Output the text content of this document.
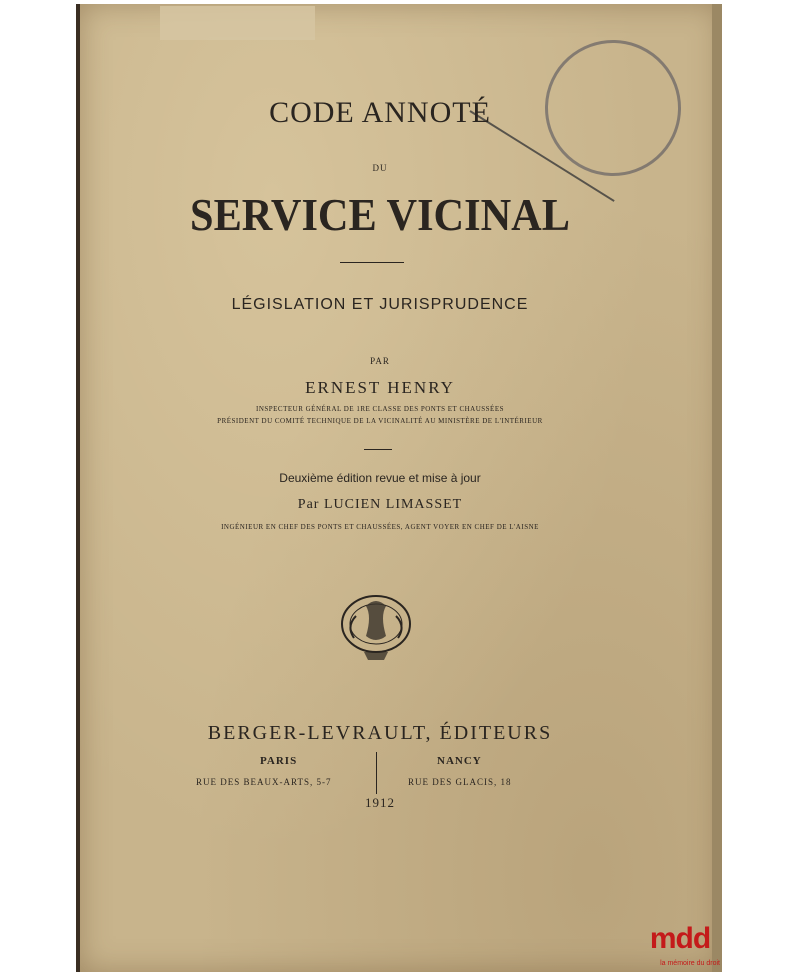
CODE ANNOTÉ
DU
SERVICE VICINAL
LÉGISLATION ET JURISPRUDENCE
PAR
ERNEST HENRY
INSPECTEUR GÉNÉRAL DE 1RE CLASSE DES PONTS ET CHAUSSÉES
PRÉSIDENT DU COMITÉ TECHNIQUE DE LA VICINALITÉ AU MINISTÈRE DE L'INTÉRIEUR
Deuxième édition revue et mise à jour
Par LUCIEN LIMASSET
INGÉNIEUR EN CHEF DES PONTS ET CHAUSSÉES, AGENT VOYER EN CHEF DE L'AISNE
BERGER-LEVRAULT, ÉDITEURS
PARIS	NANCY
RUE DES BEAUX-ARTS, 5-7	RUE DES GLACIS, 18
1912
mdd
la mémoire du droit
